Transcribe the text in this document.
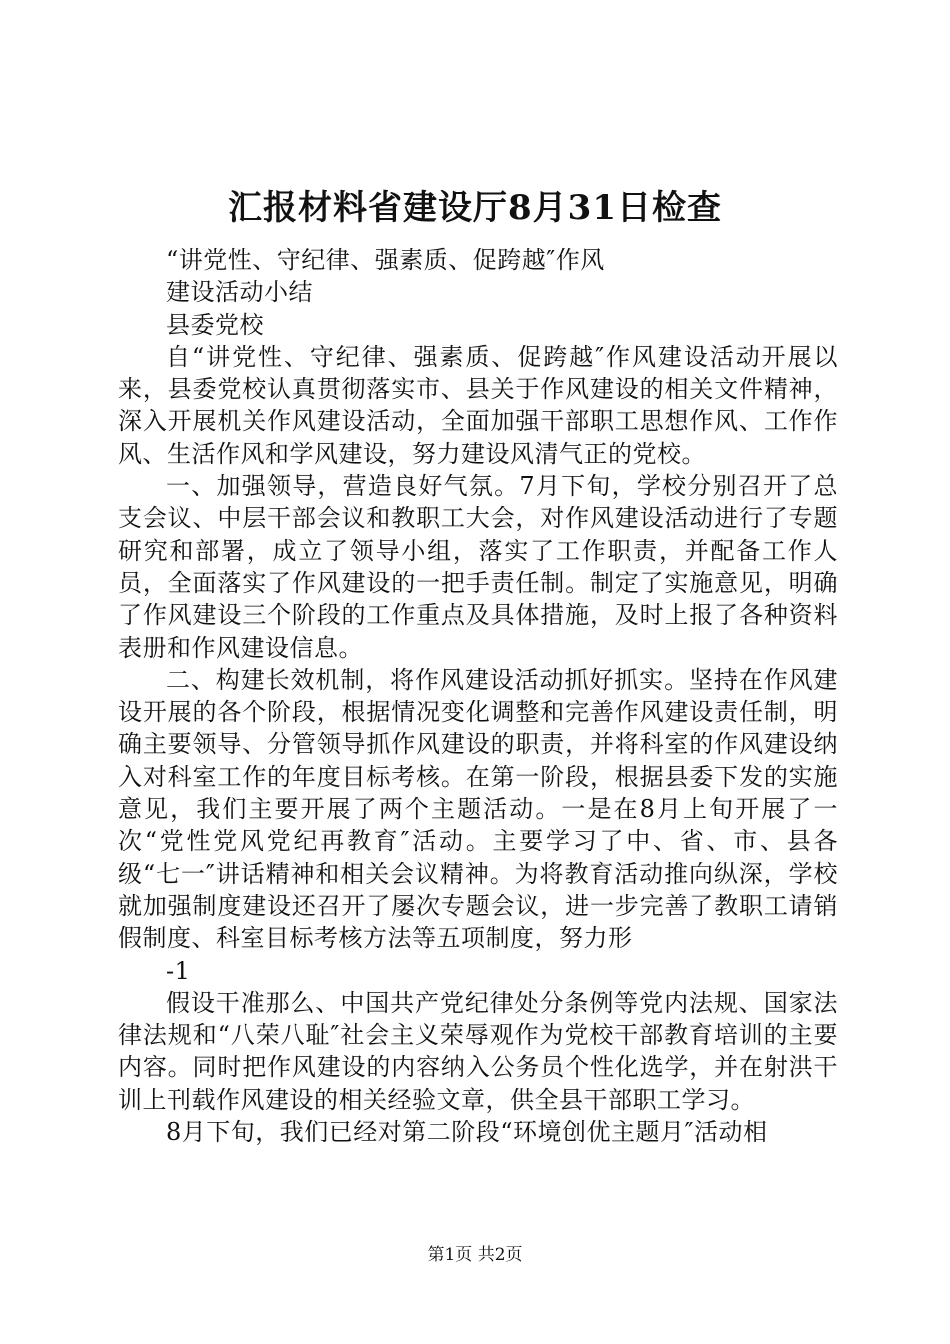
汇报材料省建设厅8月31日检查

“讲党性、守纪律、强素质、促跨越″作风

建设活动小结

县委党校

自“讲党性、守纪律、强素质、促跨越″作风建设活动开展以来，县委党校认真贯彻落实市、县关于作风建设的相关文件精神，深入开展机关作风建设活动，全面加强干部职工思想作风、工作作风、生活作风和学风建设，努力建设风清气正的党校。

一、加强领导，营造良好气氛。7月下旬，学校分别召开了总支会议、中层干部会议和教职工大会，对作风建设活动进行了专题研究和部署，成立了领导小组，落实了工作职责，并配备工作人员，全面落实了作风建设的一把手责任制。制定了实施意见，明确了作风建设三个阶段的工作重点及具体措施，及时上报了各种资料表册和作风建设信息。

二、构建长效机制，将作风建设活动抓好抓实。坚持在作风建设开展的各个阶段，根据情况变化调整和完善作风建设责任制，明确主要领导、分管领导抓作风建设的职责，并将科室的作风建设纳入对科室工作的年度目标考核。在第一阶段，根据县委下发的实施意见，我们主要开展了两个主题活动。一是在8月上旬开展了一次“党性党风党纪再教育″活动。主要学习了中、省、市、县各级“七一″讲话精神和相关会议精神。为将教育活动推向纵深，学校就加强制度建设还召开了屡次专题会议，进一步完善了教职工请销假制度、科室目标考核方法等五项制度，努力形

-1

假设干准那么、中国共产党纪律处分条例等党内法规、国家法律法规和“八荣八耻″社会主义荣辱观作为党校干部教育培训的主要内容。同时把作风建设的内容纳入公务员个性化选学，并在射洪干训上刊载作风建设的相关经验文章，供全县干部职工学习。

8月下旬，我们已经对第二阶段“环境创优主题月″活动相

第1页 共2页
